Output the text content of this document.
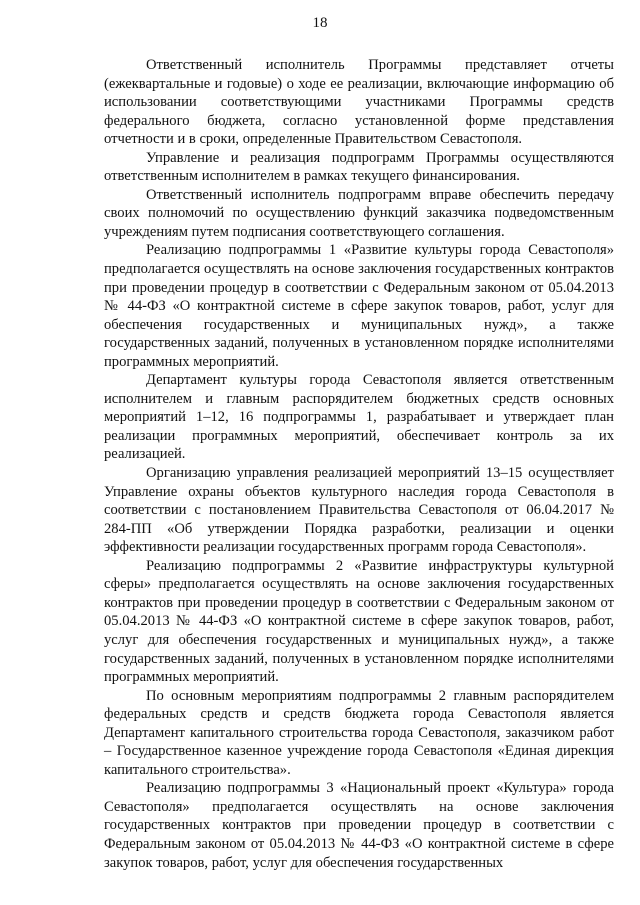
18

Ответственный исполнитель Программы представляет отчеты (ежеквартальные и годовые) о ходе ее реализации, включающие информацию об использовании соответствующими участниками Программы средств федерального бюджета, согласно установленной форме представления отчетности и в сроки, определенные Правительством Севастополя.

Управление и реализация подпрограмм Программы осуществляются ответственным исполнителем в рамках текущего финансирования.

Ответственный исполнитель подпрограмм вправе обеспечить передачу своих полномочий по осуществлению функций заказчика подведомственным учреждениям путем подписания соответствующего соглашения.

Реализацию подпрограммы 1 «Развитие культуры города Севастополя» предполагается осуществлять на основе заключения государственных контрактов при проведении процедур в соответствии с Федеральным законом от 05.04.2013 № 44-ФЗ «О контрактной системе в сфере закупок товаров, работ, услуг для обеспечения государственных и муниципальных нужд», а также государственных заданий, полученных в установленном порядке исполнителями программных мероприятий.

Департамент культуры города Севастополя является ответственным исполнителем и главным распорядителем бюджетных средств основных мероприятий 1–12, 16 подпрограммы 1, разрабатывает и утверждает план реализации программных мероприятий, обеспечивает контроль за их реализацией.

Организацию управления реализацией мероприятий 13–15 осуществляет Управление охраны объектов культурного наследия города Севастополя в соответствии с постановлением Правительства Севастополя от 06.04.2017 № 284-ПП «Об утверждении Порядка разработки, реализации и оценки эффективности реализации государственных программ города Севастополя».

Реализацию подпрограммы 2 «Развитие инфраструктуры культурной сферы» предполагается осуществлять на основе заключения государственных контрактов при проведении процедур в соответствии с Федеральным законом от 05.04.2013 № 44-ФЗ «О контрактной системе в сфере закупок товаров, работ, услуг для обеспечения государственных и муниципальных нужд», а также государственных заданий, полученных в установленном порядке исполнителями программных мероприятий.

По основным мероприятиям подпрограммы 2 главным распорядителем федеральных средств и средств бюджета города Севастополя является Департамент капитального строительства города Севастополя, заказчиком работ – Государственное казенное учреждение города Севастополя «Единая дирекция капитального строительства».

Реализацию подпрограммы 3 «Национальный проект «Культура» города Севастополя» предполагается осуществлять на основе заключения государственных контрактов при проведении процедур в соответствии с Федеральным законом от 05.04.2013 № 44-ФЗ «О контрактной системе в сфере закупок товаров, работ, услуг для обеспечения государственных
